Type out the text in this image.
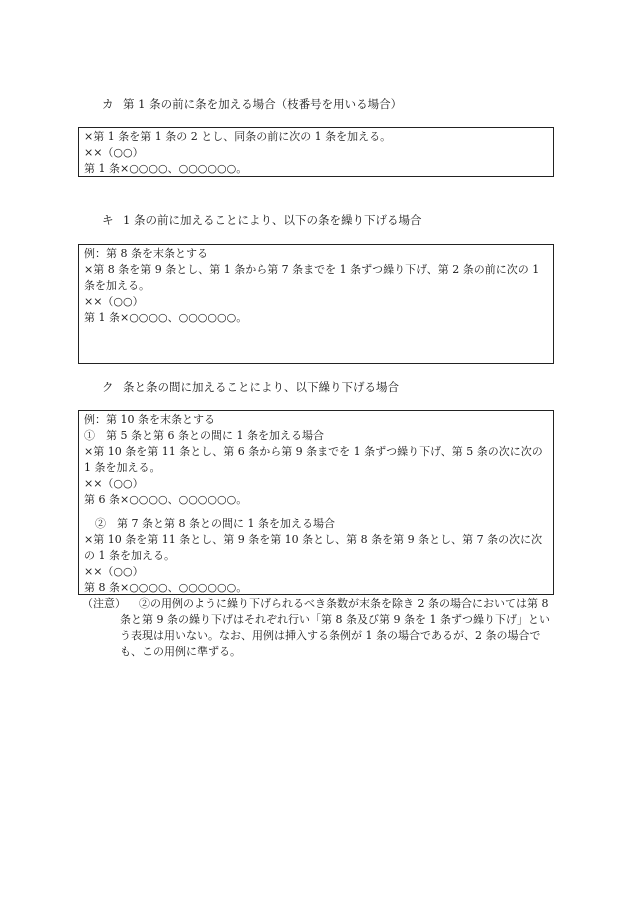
カ 第 1 条の前に条を加える場合（枝番号を用いる場合）

×第 1 条を第 1 条の 2 とし、同条の前に次の 1 条を加える。

××（○○）

第 1 条×○○○○、○○○○○○。

キ 1 条の前に加えることにより、以下の条を繰り下げる場合

例：第 8 条を末条とする

×第 8 条を第 9 条とし、第 1 条から第 7 条までを 1 条ずつ繰り下げ、第 2 条の前に次の 1 条を加える。

××（○○）

第 1 条×○○○○、○○○○○○。

ク 条と条の間に加えることにより、以下繰り下げる場合

例：第 10 条を末条とする

①　第 5 条と第 6 条との間に 1 条を加える場合

×第 10 条を第 11 条とし、第 6 条から第 9 条までを 1 条ずつ繰り下げ、第 5 条の次に次の 1 条を加える。

××（○○）

第 6 条×○○○○、○○○○○○。

　②　第 7 条と第 8 条との間に 1 条を加える場合

×第 10 条を第 11 条とし、第 9 条を第 10 条とし、第 8 条を第 9 条とし、第 7 条の次に次の 1 条を加える。

××（○○）

第 8 条×○○○○、○○○○○○。

（注意）	②の用例のように繰り下げられるべき条数が末条を除き 2 条の場合においては第 8 条と第 9 条の繰り下げはそれぞれ行い「第 8 条及び第 9 条を 1 条ずつ繰り下げ」という表現は用いない。なお、用例は挿入する条例が 1 条の場合であるが、2 条の場合でも、この用例に準ずる。
